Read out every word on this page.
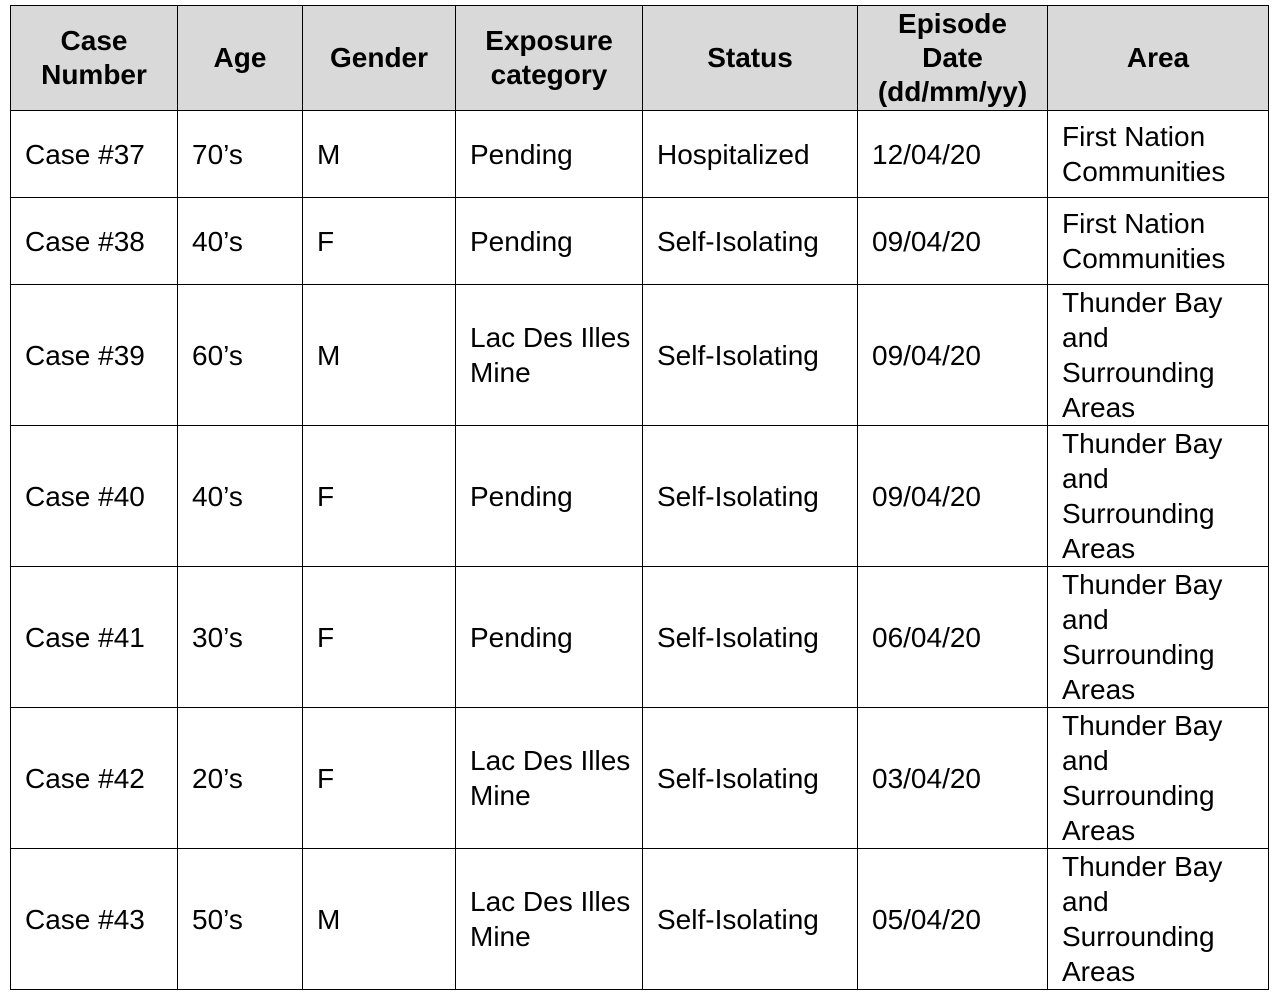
Case Number	Age	Gender	Exposure category	Status	Episode Date (dd/mm/yy)	Area

Case #37	70’s	M	Pending	Hospitalized	12/04/20	First Nation Communities
Case #38	40’s	F	Pending	Self-Isolating	09/04/20	First Nation Communities
Case #39	60’s	M	Lac Des Illes Mine	Self-Isolating	09/04/20	Thunder Bay and Surrounding Areas
Case #40	40’s	F	Pending	Self-Isolating	09/04/20	Thunder Bay and Surrounding Areas
Case #41	30’s	F	Pending	Self-Isolating	06/04/20	Thunder Bay and Surrounding Areas
Case #42	20’s	F	Lac Des Illes Mine	Self-Isolating	03/04/20	Thunder Bay and Surrounding Areas
Case #43	50’s	M	Lac Des Illes Mine	Self-Isolating	05/04/20	Thunder Bay and Surrounding Areas
